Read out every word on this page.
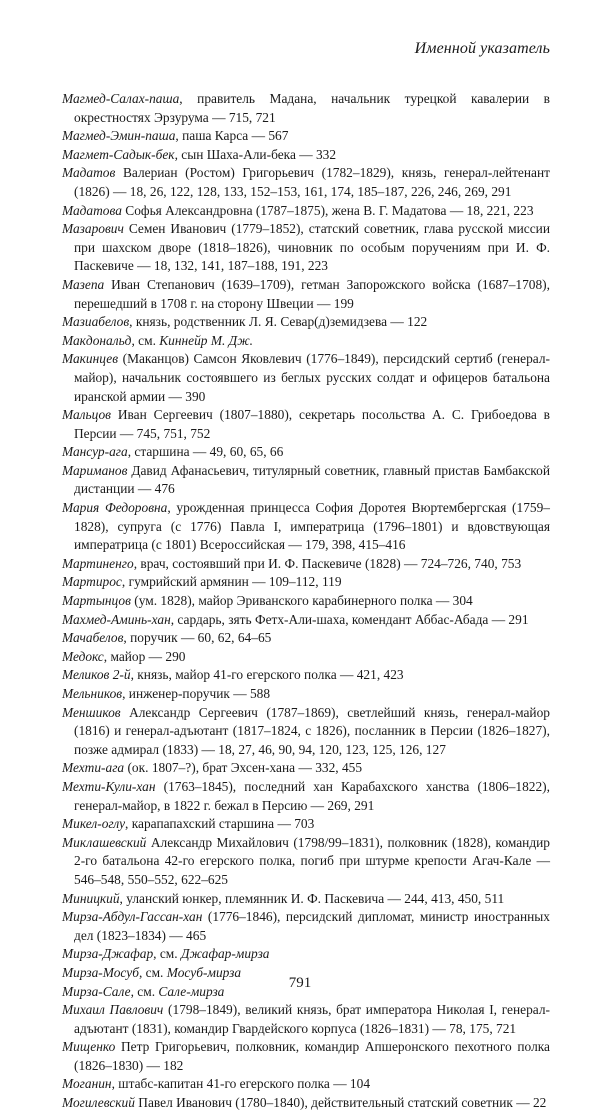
Именной указатель
Магмед-Салах-паша, правитель Мадана, начальник турецкой кавалерии в окрестностях Эрзурума — 715, 721
Магмед-Эмин-паша, паша Карса — 567
Магмет-Садык-бек, сын Шаха-Али-бека — 332
Мадатов Валериан (Ростом) Григорьевич (1782–1829), князь, генерал-лейтенант (1826) — 18, 26, 122, 128, 133, 152–153, 161, 174, 185–187, 226, 246, 269, 291
Мадатова Софья Александровна (1787–1875), жена В. Г. Мадатова — 18, 221, 223
Мазарович Семен Иванович (1779–1852), статский советник, глава русской миссии при шахском дворе (1818–1826), чиновник по особым поручениям при И. Ф. Паскевиче — 18, 132, 141, 187–188, 191, 223
Мазепа Иван Степанович (1639–1709), гетман Запорожского войска (1687–1708), перешедший в 1708 г. на сторону Швеции — 199
Мазиабелов, князь, родственник Л. Я. Севар(д)земидзева — 122
Макдональд, см. Киннейр М. Дж.
Макинцев (Маканцов) Самсон Яковлевич (1776–1849), персидский сертиб (генерал-майор), начальник состоявшего из беглых русских солдат и офицеров батальона иранской армии — 390
Мальцов Иван Сергеевич (1807–1880), секретарь посольства А. С. Грибоедова в Персии — 745, 751, 752
Мансур-ага, старшина — 49, 60, 65, 66
Мариманов Давид Афанасьевич, титулярный советник, главный пристав Бамбакской дистанции — 476
Мария Федоровна, урожденная принцесса София Доротея Вюртембергская (1759–1828), супруга (с 1776) Павла I, императрица (1796–1801) и вдовствующая императрица (с 1801) Всероссийская — 179, 398, 415–416
Мартиненго, врач, состоявший при И. Ф. Паскевиче (1828) — 724–726, 740, 753
Мартирос, гумрийский армянин — 109–112, 119
Мартынцов (ум. 1828), майор Эриванского карабинерного полка — 304
Махмед-Аминь-хан, сардарь, зять Фетх-Али-шаха, комендант Аббас-Абада — 291
Мачабелов, поручик — 60, 62, 64–65
Медокс, майор — 290
Меликов 2-й, князь, майор 41-го егерского полка — 421, 423
Мельников, инженер-поручик — 588
Меншиков Александр Сергеевич (1787–1869), светлейший князь, генерал-майор (1816) и генерал-адъютант (1817–1824, с 1826), посланник в Персии (1826–1827), позже адмирал (1833) — 18, 27, 46, 90, 94, 120, 123, 125, 126, 127
Мехти-ага (ок. 1807–?), брат Эхсен-хана — 332, 455
Мехти-Кули-хан (1763–1845), последний хан Карабахского ханства (1806–1822), генерал-майор, в 1822 г. бежал в Персию — 269, 291
Микел-оглу, карапапахский старшина — 703
Миклашевский Александр Михайлович (1798/99–1831), полковник (1828), командир 2-го батальона 42-го егерского полка, погиб при штурме крепости Агач-Кале — 546–548, 550–552, 622–625
Миницкий, уланский юнкер, племянник И. Ф. Паскевича — 244, 413, 450, 511
Мирза-Абдул-Гассан-хан (1776–1846), персидский дипломат, министр иностранных дел (1823–1834) — 465
Мирза-Джафар, см. Джафар-мирза
Мирза-Мосуб, см. Мосуб-мирза
Мирза-Сале, см. Сале-мирза
Михаил Павлович (1798–1849), великий князь, брат императора Николая I, генерал-адъютант (1831), командир Гвардейского корпуса (1826–1831) — 78, 175, 721
Мищенко Петр Григорьевич, полковник, командир Апшеронского пехотного полка (1826–1830) — 182
Моганин, штабс-капитан 41-го егерского полка — 104
Могилевский Павел Иванович (1780–1840), действительный статский советник — 22
791
